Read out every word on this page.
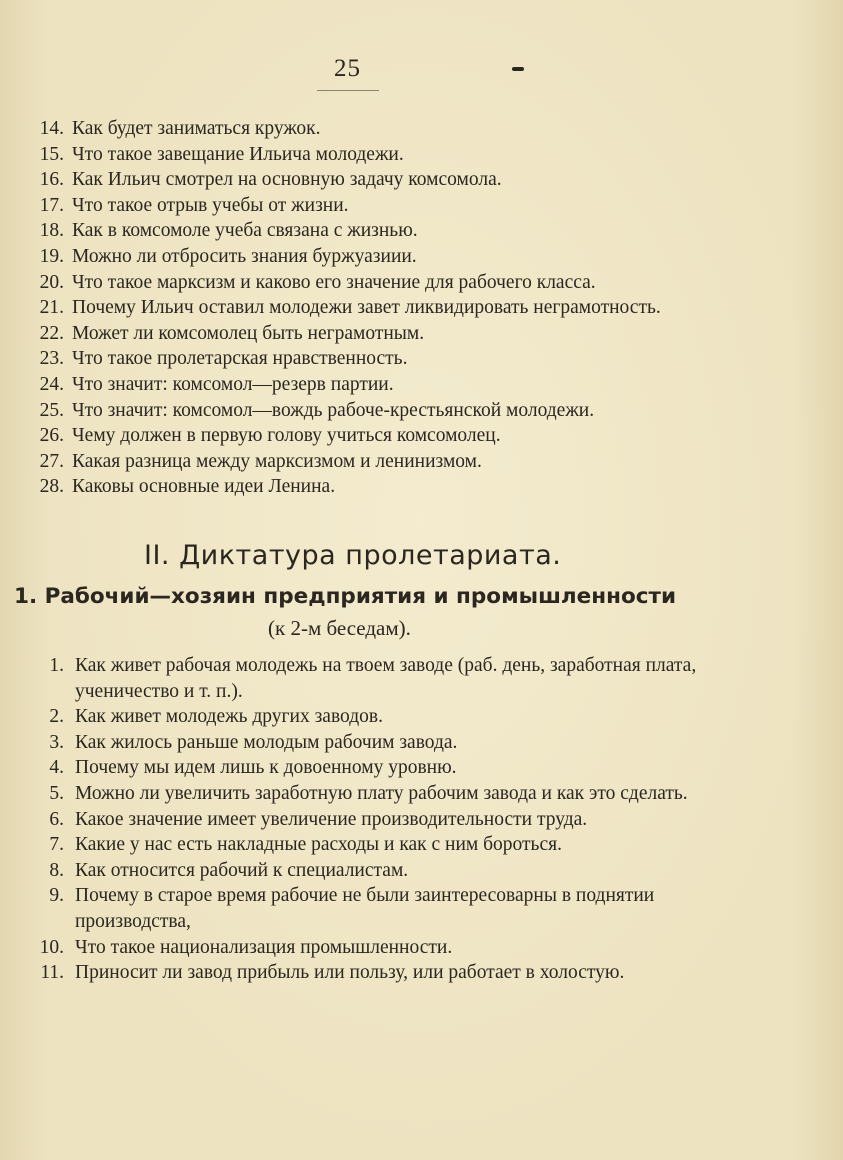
25
14. Как будет заниматься кружок.
15. Что такое завещание Ильича молодежи.
16. Как Ильич смотрел на основную задачу комсомола.
17. Что такое отрыв учебы от жизни.
18. Как в комсомоле учеба связана с жизнью.
19. Можно ли отбросить знания буржуазиии.
20. Что такое марксизм и каково его значение для рабочего класса.
21. Почему Ильич оставил молодежи завет ликвидировать неграмотность.
22. Может ли комсомолец быть неграмотным.
23. Что такое пролетарская нравственность.
24. Что значит: комсомол—резерв партии.
25. Что значит: комсомол—вождь рабоче-крестьянской молодежи.
26. Чему должен в первую голову учиться комсомолец.
27. Какая разница между марксизмом и ленинизмом.
28. Каковы основные идеи Ленина.
II. Диктатура пролетариата.
1. Рабочий—хозяин предприятия и промышленности
(к 2-м беседам).
1. Как живет рабочая молодежь на твоем заводе (раб. день, заработная плата, ученичество и т. п.).
2. Как живет молодежь других заводов.
3. Как жилось раньше молодым рабочим завода.
4. Почему мы идем лишь к довоенному уровню.
5. Можно ли увеличить заработную плату рабочим завода и как это сделать.
6. Какое значение имеет увеличение производительности труда.
7. Какие у нас есть накладные расходы и как с ним бороться.
8. Как относится рабочий к специалистам.
9. Почему в старое время рабочие не были заинтересоварны в поднятии производства,
10. Что такое национализация промышленности.
11. Приносит ли завод прибыль или пользу, или работает в холостую.
